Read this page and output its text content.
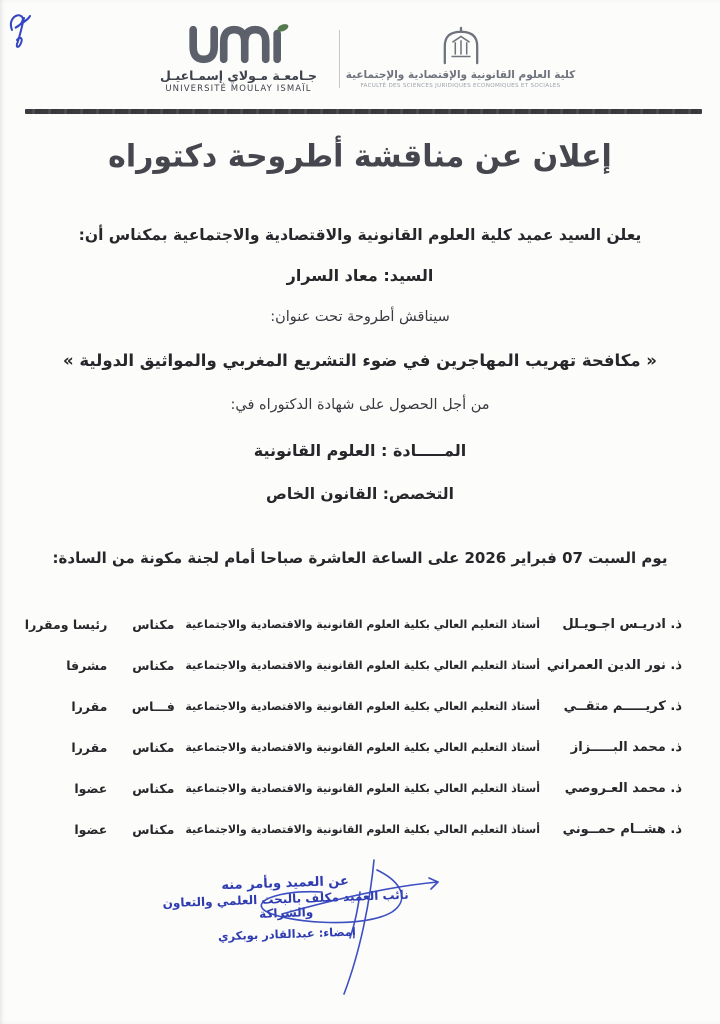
جـامعـة مـولاي إسمـاعيـل
UNIVERSITÉ MOULAY ISMAÏL
كلية العلوم القانونية والإقتصادية والإجتماعية
FACULTÉ DES SCIENCES JURIDIQUES ECONOMIQUES ET SOCIALES
إعلان عن مناقشة أطروحة دكتوراه
يعلن السيد عميد كلية العلوم القانونية والاقتصادية والاجتماعية بمكناس أن:
السيد: معاد السرار
سيناقش أطروحة تحت عنوان:
« مكافحة تهريب المهاجرين في ضوء التشريع المغربي والمواثيق الدولية »
من أجل الحصول على شهادة الدكتوراه في:
المـــــادة : العلوم القانونية
التخصص: القانون الخاص
يوم السبت 07 فبراير 2026 على الساعة العاشرة صباحا أمام لجنة مكونة من السادة:
ذ. ادريـس اجـويـلل
أستاذ التعليم العالي بكلية العلوم القانونية والاقتصادية والاجتماعية
مكناس
رئيسا ومقررا
ذ. نور الدين العمراني
أستاذ التعليم العالي بكلية العلوم القانونية والاقتصادية والاجتماعية
مكناس
مشرفا
ذ. كريـــــم متقــي
أستاذ التعليم العالي بكلية العلوم القانونية والاقتصادية والاجتماعية
فـــاس
مقررا
ذ. محمد البـــــزاز
أستاذ التعليم العالي بكلية العلوم القانونية والاقتصادية والاجتماعية
مكناس
مقررا
ذ. محمد العـروصي
أستاذ التعليم العالي بكلية العلوم القانونية والاقتصادية والاجتماعية
مكناس
عضوا
ذ. هشــام حمــوني
أستاذ التعليم العالي بكلية العلوم القانونية والاقتصادية والاجتماعية
مكناس
عضوا
عن العميد وبأمر منه
نائب العميد مكلف بالبحث العلمي والتعاون والشراكة
إمضاء: عبدالقادر بوبكري
